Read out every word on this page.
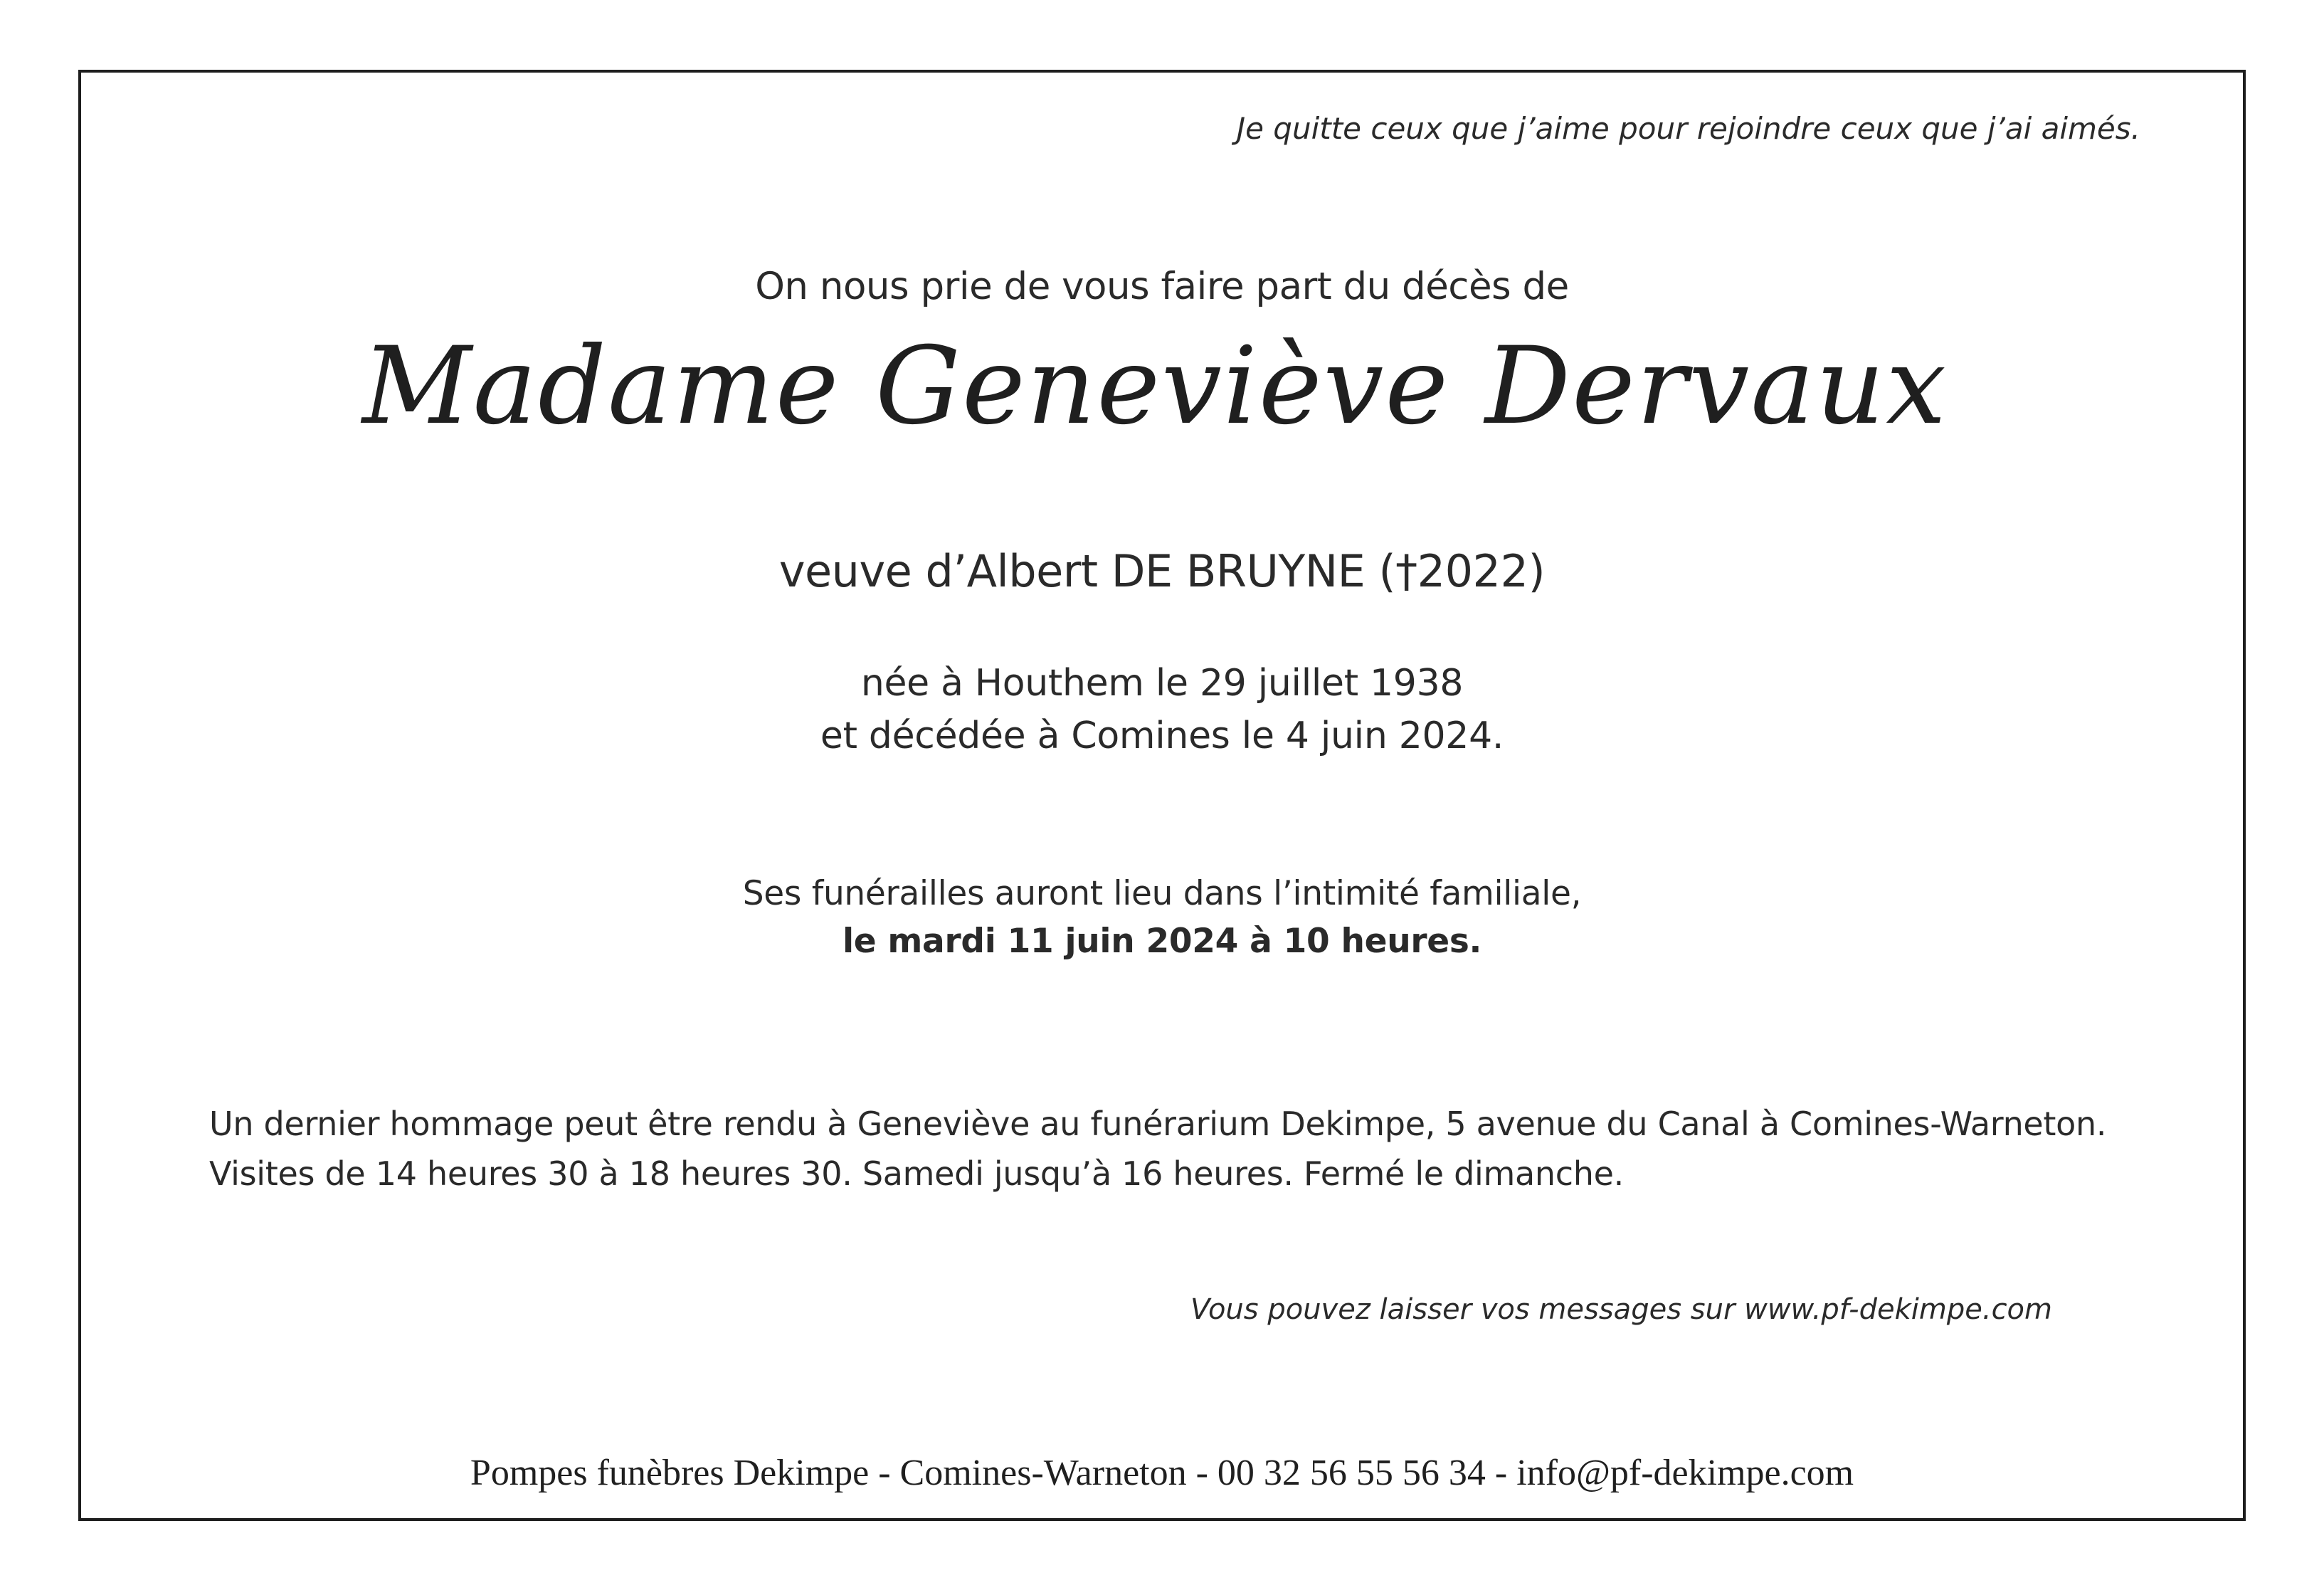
Je quitte ceux que j’aime pour rejoindre ceux que j’ai aimés.
On nous prie de vous faire part du décès de
Madame Geneviève Dervaux
veuve d’Albert DE BRUYNE (†2022)
née à Houthem le 29 juillet 1938
et décédée à Comines le 4 juin 2024.
Ses funérailles auront lieu dans l’intimité familiale,
le mardi 11 juin 2024 à 10 heures.
Un dernier hommage peut être rendu à Geneviève au funérarium Dekimpe, 5 avenue du Canal à Comines-Warneton.
Visites de 14 heures 30 à 18 heures 30. Samedi jusqu’à 16 heures. Fermé le dimanche.
Vous pouvez laisser vos messages sur www.pf-dekimpe.com
Pompes funèbres Dekimpe - Comines-Warneton - 00 32 56 55 56 34 - info@pf-dekimpe.com
